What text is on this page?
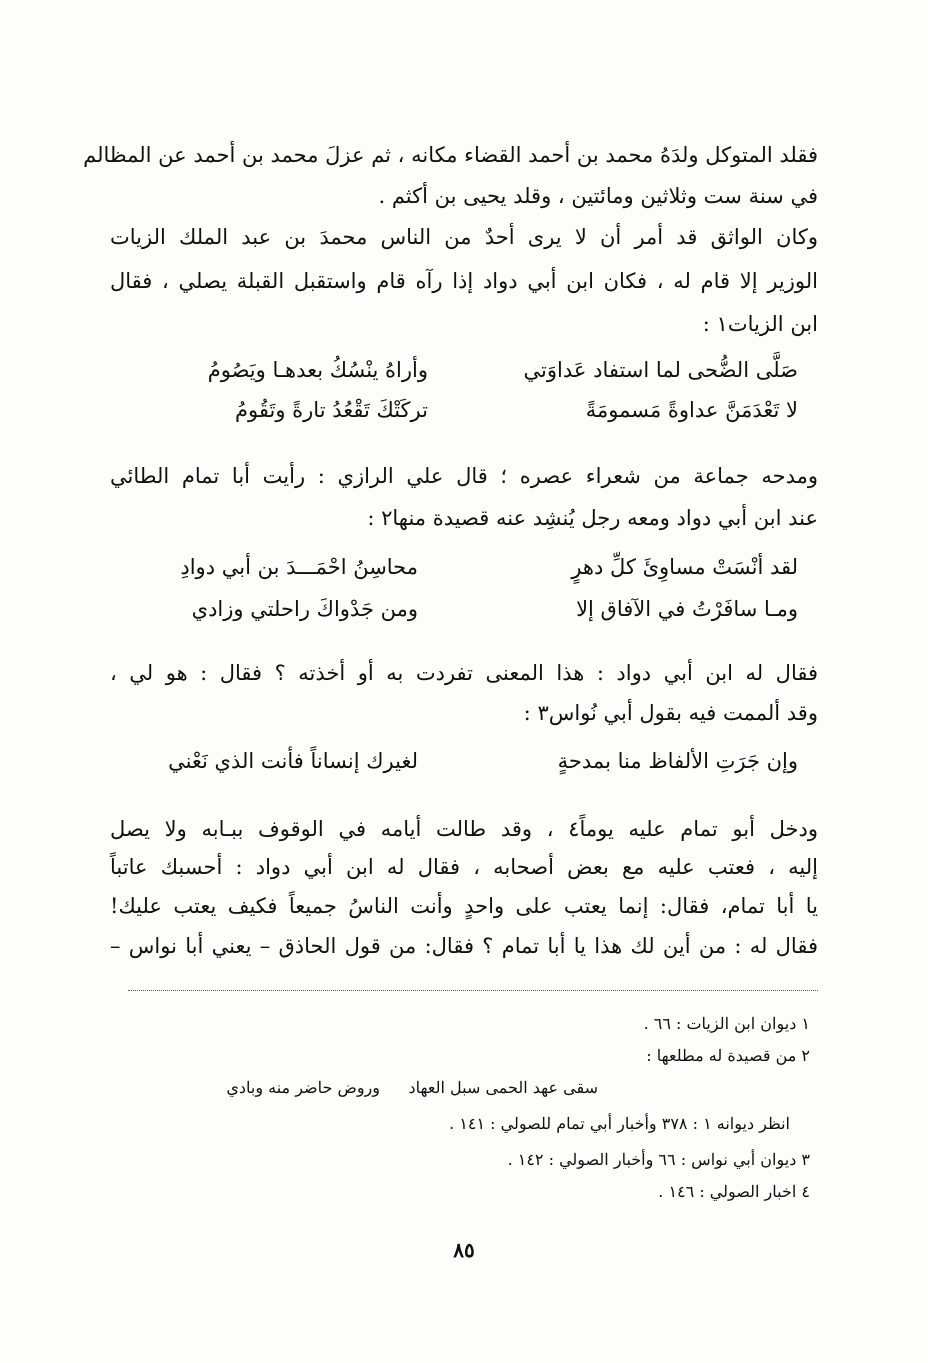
فقلد المتوكل ولدَهُ محمد بن أحمد القضاء مكانه ، ثم عزلَ محمد بن أحمد عن المظالم
في سنة ست وثلاثين ومائتين ، وقلد يحيى بن أكثم .
وكان الواثق قد أمر أن لا يرى أحدٌ من الناس محمدَ بن عبد الملك الزيات
الوزير إلا قام له ، فكان ابن أبي دواد إذا رآه قام واستقبل القبلة يصلي ، فقال
ابن الزيات١ :
صَلَّى الضُّحى لما استفاد عَداوَتي
وأراهُ ينْسُكُ بعدهـا ويَصُومُ
لا تَعْدَمَنَّ عداوةً مَسمومَةً
تركَتْكَ تَقْعُدُ تارةً وتَقُومُ
ومدحه جماعة من شعراء عصره ؛ قال علي الرازي : رأيت أبا تمام الطائي
عند ابن أبي دواد ومعه رجل يُنشِد عنه قصيدة منها٢ :
لقد أنْسَتْ مساوِئَ كلِّ دهرٍ
محاسِنُ احْمَـــدَ بن أبي دوادِ
ومـا سافَرْتُ في الآفاق إلا
ومن جَدْواكَ راحلتي وزادي
فقال له ابن أبي دواد : هذا المعنى تفردت به أو أخذته ؟ فقال : هو لي ،
وقد ألممت فيه بقول أبي نُواس٣ :
وإن جَرَتِ الألفاظ منا بمدحةٍ
لغيرك إنساناً فأنت الذي نَعْني
ودخل أبو تمام عليه يوماً٤ ، وقد طالت أيامه في الوقوف ببـابه ولا يصل
إليه ، فعتب عليه مع بعض أصحابه ، فقال له ابن أبي دواد : أحسبك عاتباً
يا أبا تمام، فقال: إنما يعتب على واحدٍ وأنت الناسُ جميعاً فكيف يعتب عليك!
فقال له : من أين لك هذا يا أبا تمام ؟ فقال: من قول الحاذق – يعني أبا نواس –
١ ديوان ابن الزيات : ٦٦ .
٢ من قصيدة له مطلعها :
سقى عهد الحمى سبل العهاد
وروض حاضر منه وبادي
انظر ديوانه ١ : ٣٧٨ وأخبار أبي تمام للصولي : ١٤١ .
٣ ديوان أبي نواس : ٦٦ وأخبار الصولي : ١٤٢ .
٤ اخبار الصولي : ١٤٦ .
٨٥
